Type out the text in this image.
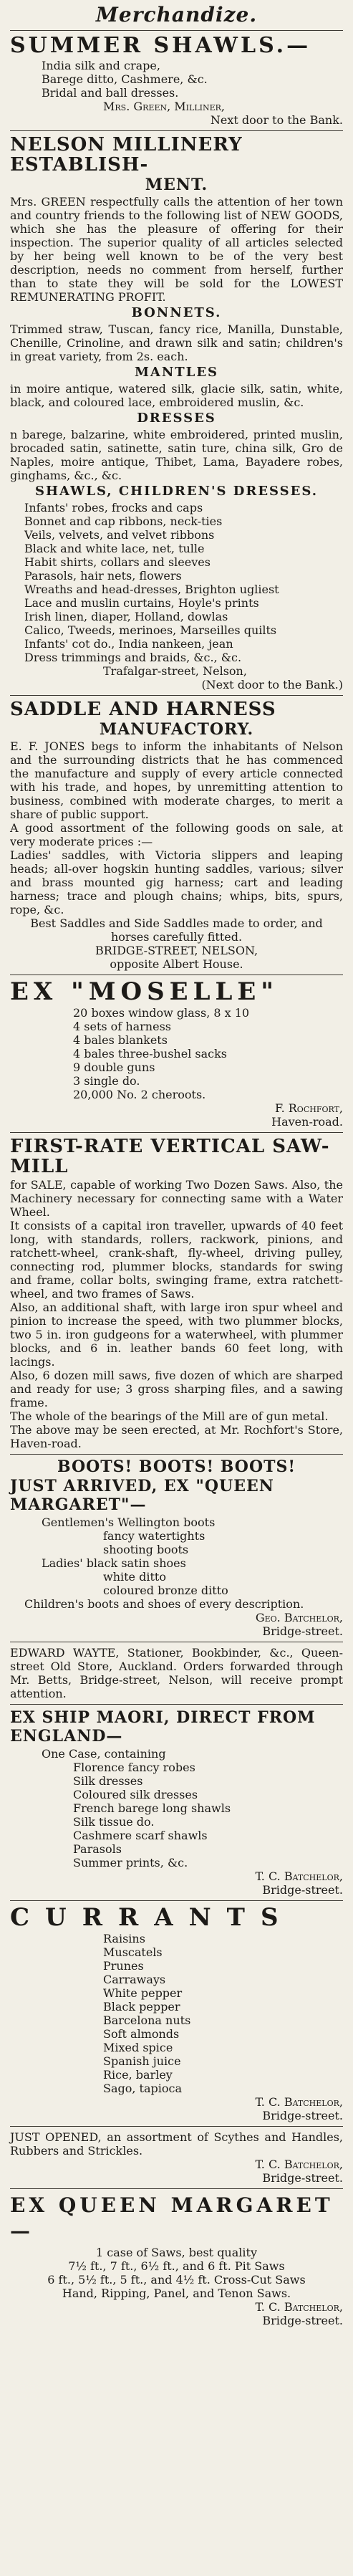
Merchandize.
SUMMER SHAWLS.—
India silk and crape,
Barege ditto, Cashmere, &c.
Bridal and ball dresses.
Mrs. Green, Milliner,
Next door to the Bank.
NELSON MILLINERY ESTABLISH-
MENT.

Mrs. GREEN respectfully calls the attention of her town and country friends to the following list of NEW GOODS, which she has the pleasure of offering for their inspection. The superior quality of all articles selected by her being well known to be of the very best description, needs no comment from herself, further than to state they will be sold for the LOWEST REMUNERATING PROFIT.

BONNETS.

Trimmed straw, Tuscan, fancy rice, Manilla, Dunstable, Chenille, Crinoline, and drawn silk and satin; children's in great variety, from 2s. each.

MANTLES

in moire antique, watered silk, glacie silk, satin, white, black, and coloured lace, embroidered muslin, &c.

DRESSES

n barege, balzarine, white embroidered, printed muslin, brocaded satin, satinette, satin ture, china silk, Gro de Naples, moire antique, Thibet, Lama, Bayadere robes, ginghams, &c., &c.

SHAWLS, CHILDREN'S DRESSES.
Infants' robes, frocks and caps
Bonnet and cap ribbons, neck-ties
Veils, velvets, and velvet ribbons
Black and white lace, net, tulle
Habit shirts, collars and sleeves
Parasols, hair nets, flowers
Wreaths and head-dresses, Brighton ugliest
Lace and muslin curtains, Hoyle's prints
Irish linen, diaper, Holland, dowlas
Calico, Tweeds, merinoes, Marseilles quilts
Infants' cot do., India nankeen, jean
Dress trimmings and braids, &c., &c.
Trafalgar-street, Nelson,
(Next door to the Bank.)
SADDLE AND HARNESS
MANUFACTORY.

E. F. JONES begs to inform the inhabitants of Nelson and the surrounding districts that he has commenced the manufacture and supply of every article connected with his trade, and hopes, by unremitting attention to business, combined with moderate charges, to merit a share of public support.

A good assortment of the following goods on sale, at very moderate prices :—

Ladies' saddles, with Victoria slippers and leaping heads; all-over hogskin hunting saddles, various; silver and brass mounted gig harness; cart and leading harness; trace and plough chains; whips, bits, spurs, rope, &c.

Best Saddles and Side Saddles made to order, and horses carefully fitted.

BRIDGE-STREET, NELSON,
opposite Albert House.
EX "MOSELLE"
20 boxes window glass, 8 x 10
4 sets of harness
4 bales blankets
4 bales three-bushel sacks
9 double guns
3 single do.
20,000 No. 2 cheroots.
F. Rochfort,
Haven-road.
FIRST-RATE VERTICAL SAW-MILL

for SALE, capable of working Two Dozen Saws. Also, the Machinery necessary for connecting same with a Water Wheel.

It consists of a capital iron traveller, upwards of 40 feet long, with standards, rollers, rackwork, pinions, and ratchett-wheel, crank-shaft, fly-wheel, driving pulley, connecting rod, plummer blocks, standards for swing and frame, collar bolts, swinging frame, extra ratchett-wheel, and two frames of Saws.

Also, an additional shaft, with large iron spur wheel and pinion to increase the speed, with two plummer blocks, two 5 in. iron gudgeons for a waterwheel, with plummer blocks, and 6 in. leather bands 60 feet long, with lacings.

Also, 6 dozen mill saws, five dozen of which are sharped and ready for use; 3 gross sharping files, and a sawing frame.

The whole of the bearings of the Mill are of gun metal.

The above may be seen erected, at Mr. Rochfort's Store, Haven-road.

BOOTS! BOOTS! BOOTS!
JUST ARRIVED, EX "QUEEN MARGARET"—
Gentlemen's Wellington boots
fancy watertights
shooting boots
Ladies' black satin shoes
white ditto
coloured bronze ditto
Children's boots and shoes of every description.
Geo. Batchelor,
Bridge-street.

EDWARD WAYTE, Stationer, Bookbinder, &c., Queen-street Old Store, Auckland. Orders forwarded through Mr. Betts, Bridge-street, Nelson, will receive prompt attention.

EX SHIP MAORI, DIRECT FROM ENGLAND—
One Case, containing
Florence fancy robes
Silk dresses
Coloured silk dresses
French barege long shawls
Silk tissue do.
Cashmere scarf shawls
Parasols
Summer prints, &c.
T. C. Batchelor,
Bridge-street.
CURRANTS
Raisins
Muscatels
Prunes
Carraways
White pepper
Black pepper
Barcelona nuts
Soft almonds
Mixed spice
Spanish juice
Rice, barley
Sago, tapioca
T. C. Batchelor,
Bridge-street.

JUST OPENED, an assortment of Scythes and Handles, Rubbers and Strickles.

T. C. Batchelor,
Bridge-street.
EX QUEEN MARGARET—
1 case of Saws, best quality
7½ ft., 7 ft., 6½ ft., and 6 ft. Pit Saws
6 ft., 5½ ft., 5 ft., and 4½ ft. Cross-Cut Saws
Hand, Ripping, Panel, and Tenon Saws.
T. C. Batchelor,
Bridge-street.
